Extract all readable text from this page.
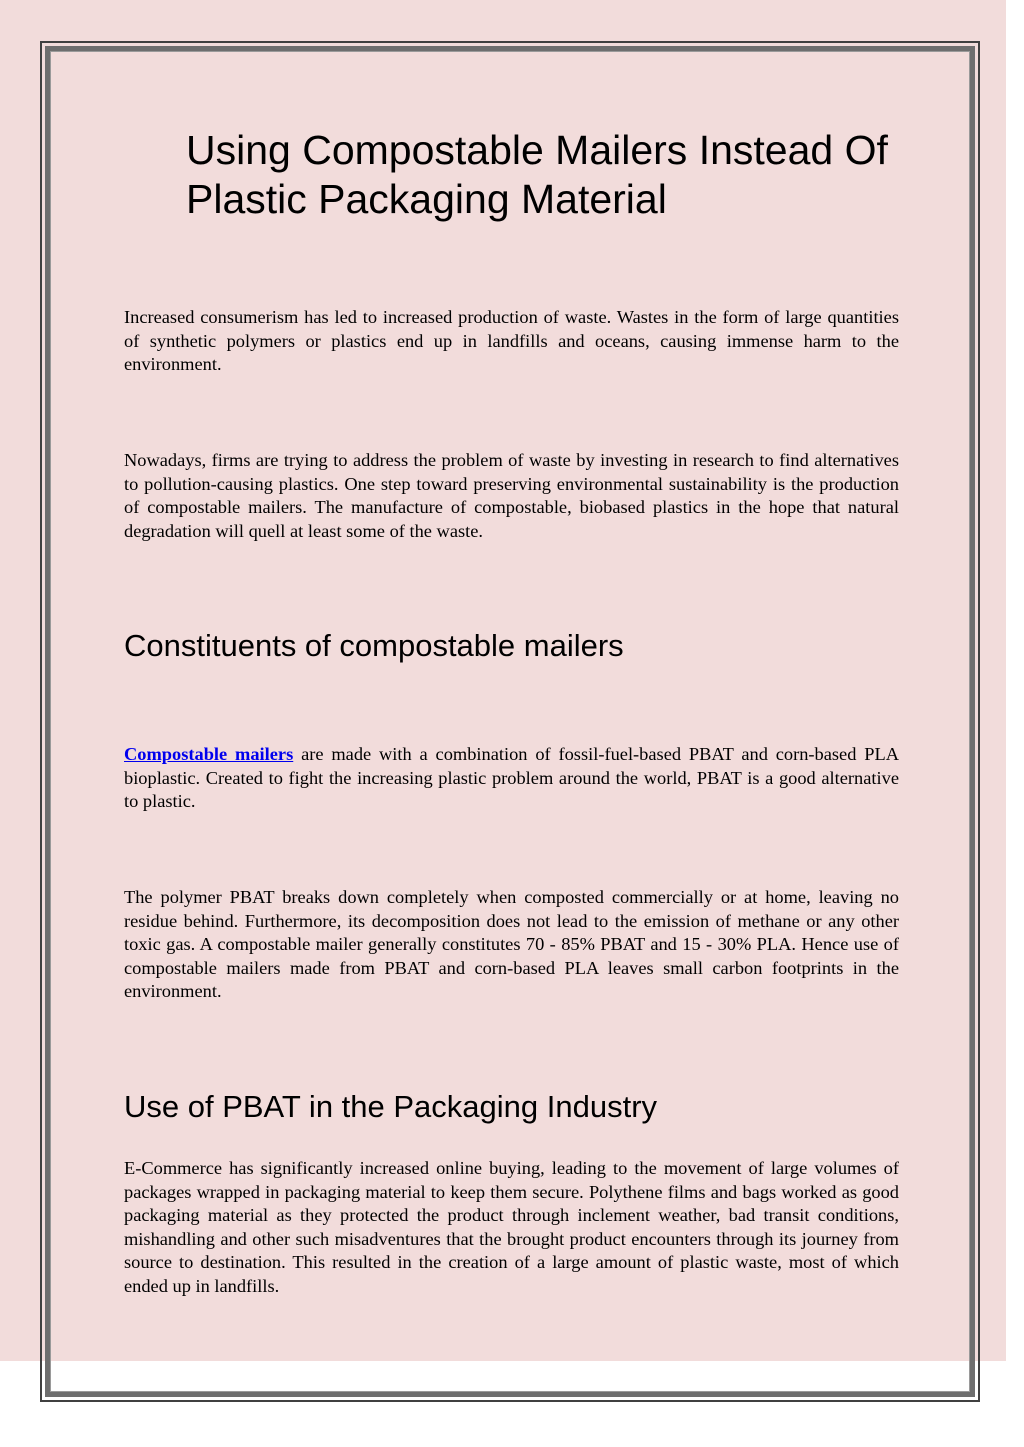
Using Compostable Mailers Instead Of Plastic Packaging Material

Increased consumerism has led to increased production of waste. Wastes in the form of large quantities of synthetic polymers or plastics end up in landfills and oceans, causing immense harm to the environment.

Nowadays, firms are trying to address the problem of waste by investing in research to find alternatives to pollution-causing plastics. One step toward preserving environmental sustainability is the production of compostable mailers. The manufacture of compostable, biobased plastics in the hope that natural degradation will quell at least some of the waste.

Constituents of compostable mailers

Compostable mailers are made with a combination of fossil-fuel-based PBAT and corn-based PLA bioplastic. Created to fight the increasing plastic problem around the world, PBAT is a good alternative to plastic.

The polymer PBAT breaks down completely when composted commercially or at home, leaving no residue behind. Furthermore, its decomposition does not lead to the emission of methane or any other toxic gas. A compostable mailer generally constitutes 70 - 85% PBAT and 15 - 30% PLA. Hence use of compostable mailers made from PBAT and corn-based PLA leaves small carbon footprints in the environment.

Use of PBAT in the Packaging Industry

E-Commerce has significantly increased online buying, leading to the movement of large volumes of packages wrapped in packaging material to keep them secure. Polythene films and bags worked as good packaging material as they protected the product through inclement weather, bad transit conditions, mishandling and other such misadventures that the brought product encounters through its journey from source to destination. This resulted in the creation of a large amount of plastic waste, most of which ended up in landfills.
